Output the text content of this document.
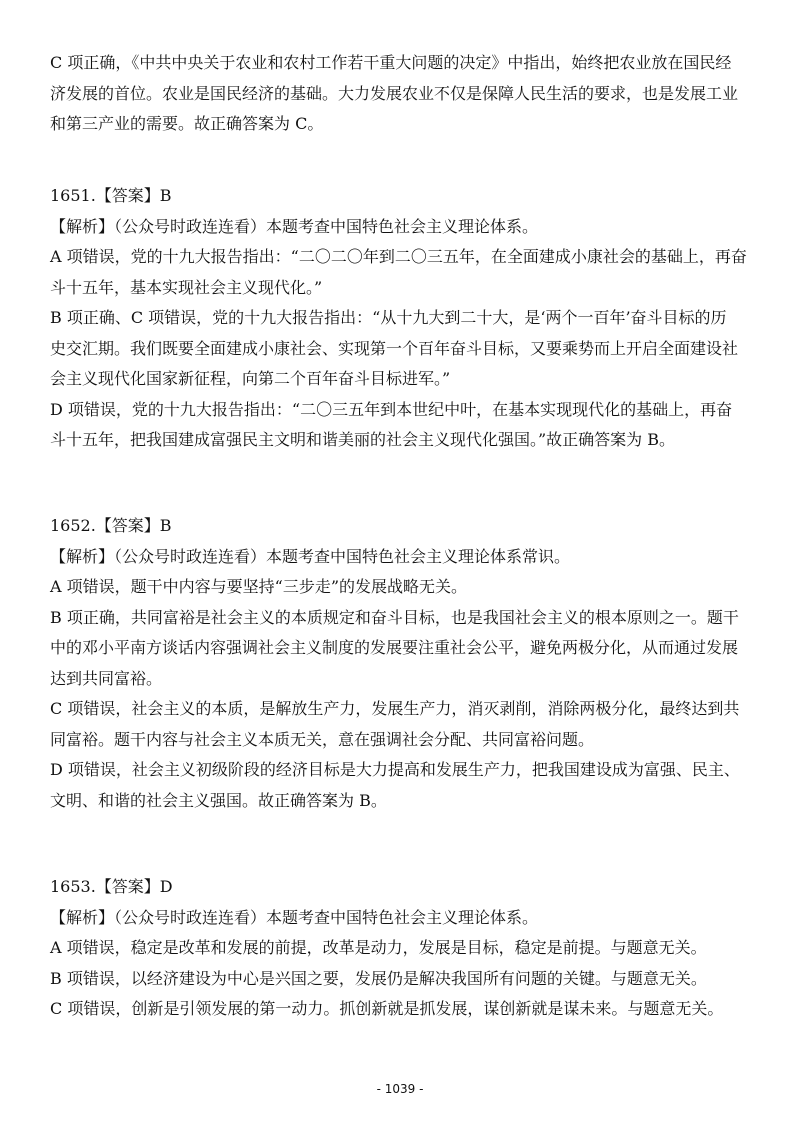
C 项正确，《中共中央关于农业和农村工作若干重大问题的决定》中指出，始终把农业放在国民经
济发展的首位。农业是国民经济的基础。大力发展农业不仅是保障人民生活的要求，也是发展工业
和第三产业的需要。故正确答案为 C。
1651.【答案】B
【解析】（公众号时政连连看）本题考查中国特色社会主义理论体系。
A 项错误，党的十九大报告指出：“二〇二〇年到二〇三五年，在全面建成小康社会的基础上，再奋
斗十五年，基本实现社会主义现代化。”
B 项正确、C 项错误，党的十九大报告指出：“从十九大到二十大，是‘两个一百年’奋斗目标的历
史交汇期。我们既要全面建成小康社会、实现第一个百年奋斗目标，又要乘势而上开启全面建设社
会主义现代化国家新征程，向第二个百年奋斗目标进军。”
D 项错误，党的十九大报告指出：“二〇三五年到本世纪中叶，在基本实现现代化的基础上，再奋
斗十五年，把我国建成富强民主文明和谐美丽的社会主义现代化强国。”故正确答案为 B。
1652.【答案】B
【解析】（公众号时政连连看）本题考查中国特色社会主义理论体系常识。
A 项错误，题干中内容与要坚持“三步走”的发展战略无关。
B 项正确，共同富裕是社会主义的本质规定和奋斗目标，也是我国社会主义的根本原则之一。题干
中的邓小平南方谈话内容强调社会主义制度的发展要注重社会公平，避免两极分化，从而通过发展
达到共同富裕。
C 项错误，社会主义的本质，是解放生产力，发展生产力，消灭剥削，消除两极分化，最终达到共
同富裕。题干内容与社会主义本质无关，意在强调社会分配、共同富裕问题。
D 项错误，社会主义初级阶段的经济目标是大力提高和发展生产力，把我国建设成为富强、民主、
文明、和谐的社会主义强国。故正确答案为 B。
1653.【答案】D
【解析】（公众号时政连连看）本题考查中国特色社会主义理论体系。
A 项错误，稳定是改革和发展的前提，改革是动力，发展是目标，稳定是前提。与题意无关。
B 项错误，以经济建设为中心是兴国之要，发展仍是解决我国所有问题的关键。与题意无关。
C 项错误，创新是引领发展的第一动力。抓创新就是抓发展，谋创新就是谋未来。与题意无关。
- 1039 -
